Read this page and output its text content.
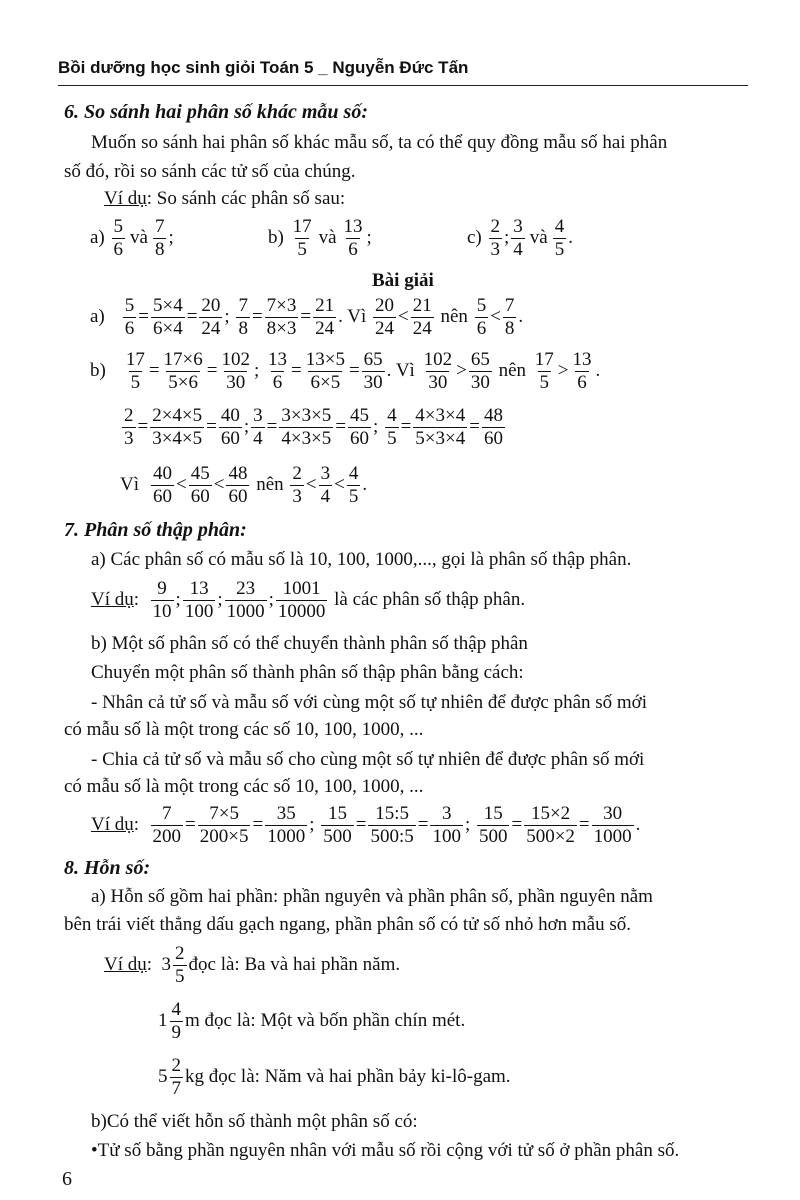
Bồi dưỡng học sinh giỏi Toán 5 _ Nguyễn Đức Tấn
6. So sánh hai phân số khác mẫu số:
Muốn so sánh hai phân số khác mẫu số, ta có thể quy đồng mẫu số hai phân
số đó, rồi so sánh các tử số của chúng.
Ví dụ: So sánh các phân số sau:
a)
$\frac{5}{6}$ và $\frac{7}{8}$ ;	b)
$\frac{17}{5}$ và $\frac{13}{6}$ ;	c)
$\frac{2}{3}$ ; $\frac{3}{4}$ và $\frac{4}{5}$ .
Bài giải
$a) \frac{5}{6} = \frac{5\times 4}{6\times 4} = \frac{20}{24}$ ; $\frac{7}{8} = \frac{7\times 3}{8\times 3} = \frac{21}{24}$ . Vì
$\frac{20}{24} < \frac{21}{24}$
nên
$\frac{5}{6} < \frac{7}{8}$ .
$b) \frac{17}{5} = \frac{17\times 6}{5\times 6} = \frac{102}{30}$ ; $\frac{13}{6} = \frac{13\times 5}{6\times 5} = \frac{65}{30}$ . Vì
$\frac{102}{30} > \frac{65}{30}$
nên
$\frac{17}{5} > \frac{13}{6}$ .
$\frac{2}{3} = \frac{2\times 4\times 5}{3\times 4\times 5} = \frac{40}{60}$ ; $\frac{3}{4} = \frac{3\times 3\times 5}{4\times 3\times 5} = \frac{45}{60}$ ; $\frac{4}{5} = \frac{4\times 3\times 4}{5\times 3\times 4} = \frac{48}{60}$
Vì $\frac{40}{60} < \frac{45}{60} < \frac{48}{60}$
nên
$\frac{2}{3} < \frac{3}{4} < \frac{4}{5}$ .
7. Phân số thập phân:
a) Các phân số có mẫu số là 10, 100, 1000,..., gọi là phân số thập phân.
Ví dụ : $\frac{9}{10}$ ; $\frac{13}{100}$ ; $\frac{23}{1000}$ ; $\frac{1001}{10000}$
là các phân số thập phân.
b) Một số phân số có thể chuyển thành phân số thập phân
Chuyển một phân số thành phân số thập phân bằng cách:
- Nhân cả tử số và mẫu số với cùng một số tự nhiên để được phân số mới
có mẫu số là một trong các số 10, 100, 1000, ...
- Chia cả tử số và mẫu số cho cùng một số tự nhiên để được phân số mới
có mẫu số là một trong các số 10, 100, 1000, ...
Ví dụ : $\frac{7}{200} = \frac{7\times 5}{200\times 5} = \frac{35}{1000}$ ; $\frac{15}{500} = \frac{15:5}{500:5} = \frac{3}{100}$ ; $\frac{15}{500} = \frac{15\times 2}{500\times 2} = \frac{30}{1000}$ .
8. Hỗn số:
a) Hỗn số gồm hai phần: phần nguyên và phần phân số, phần nguyên nằm
bên trái viết thẳng dấu gạch ngang, phần phân số có tử số nhỏ hơn mẫu số.
Ví dụ : $3 \frac{2}{5}$ đọc là: Ba và hai phần năm.
$1 \frac{4}{9}$ m đọc là: Một và bốn phần chín mét.
$5 \frac{2}{7}$ kg đọc là: Năm và hai phần bảy ki-lô-gam.
b)Có thể viết hỗn số thành một phân số có:
•Tử số bằng phần nguyên nhân với mẫu số rồi cộng với tử số ở phần phân số.
6
